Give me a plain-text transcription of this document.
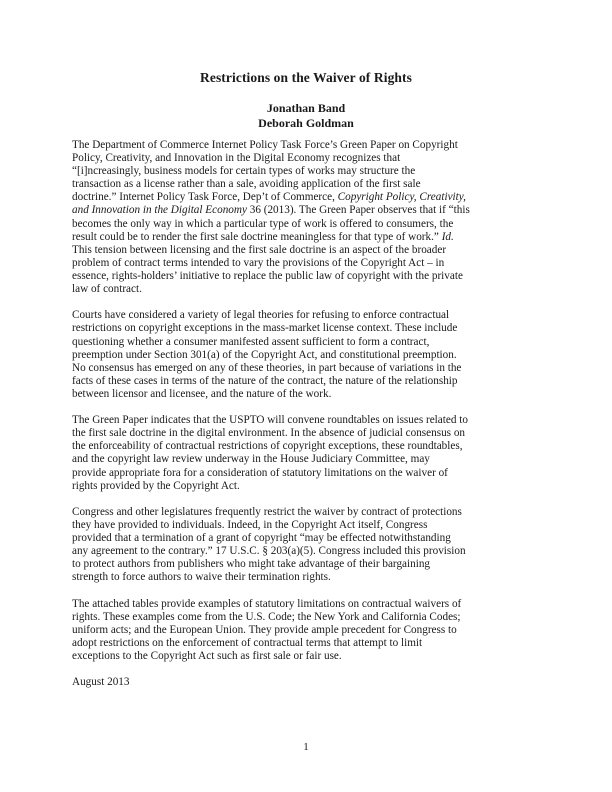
Restrictions on the Waiver of Rights
Jonathan Band
Deborah Goldman

The Department of Commerce Internet Policy Task Force’s Green Paper on Copyright
Policy, Creativity, and Innovation in the Digital Economy recognizes that
“[i]ncreasingly, business models for certain types of works may structure the
transaction as a license rather than a sale, avoiding application of the first sale
doctrine.” Internet Policy Task Force, Dep’t of Commerce, Copyright Policy, Creativity,
and Innovation in the Digital Economy 36 (2013). The Green Paper observes that if “this
becomes the only way in which a particular type of work is offered to consumers, the
result could be to render the first sale doctrine meaningless for that type of work.” Id.
This tension between licensing and the first sale doctrine is an aspect of the broader
problem of contract terms intended to vary the provisions of the Copyright Act – in
essence, rights-holders’ initiative to replace the public law of copyright with the private
law of contract.

Courts have considered a variety of legal theories for refusing to enforce contractual
restrictions on copyright exceptions in the mass-market license context. These include
questioning whether a consumer manifested assent sufficient to form a contract,
preemption under Section 301(a) of the Copyright Act, and constitutional preemption.
No consensus has emerged on any of these theories, in part because of variations in the
facts of these cases in terms of the nature of the contract, the nature of the relationship
between licensor and licensee, and the nature of the work.

The Green Paper indicates that the USPTO will convene roundtables on issues related to
the first sale doctrine in the digital environment. In the absence of judicial consensus on
the enforceability of contractual restrictions of copyright exceptions, these roundtables,
and the copyright law review underway in the House Judiciary Committee, may
provide appropriate fora for a consideration of statutory limitations on the waiver of
rights provided by the Copyright Act.

Congress and other legislatures frequently restrict the waiver by contract of protections
they have provided to individuals. Indeed, in the Copyright Act itself, Congress
provided that a termination of a grant of copyright “may be effected notwithstanding
any agreement to the contrary.” 17 U.S.C. § 203(a)(5). Congress included this provision
to protect authors from publishers who might take advantage of their bargaining
strength to force authors to waive their termination rights.

The attached tables provide examples of statutory limitations on contractual waivers of
rights. These examples come from the U.S. Code; the New York and California Codes;
uniform acts; and the European Union. They provide ample precedent for Congress to
adopt restrictions on the enforcement of contractual terms that attempt to limit
exceptions to the Copyright Act such as first sale or fair use.

August 2013

1
